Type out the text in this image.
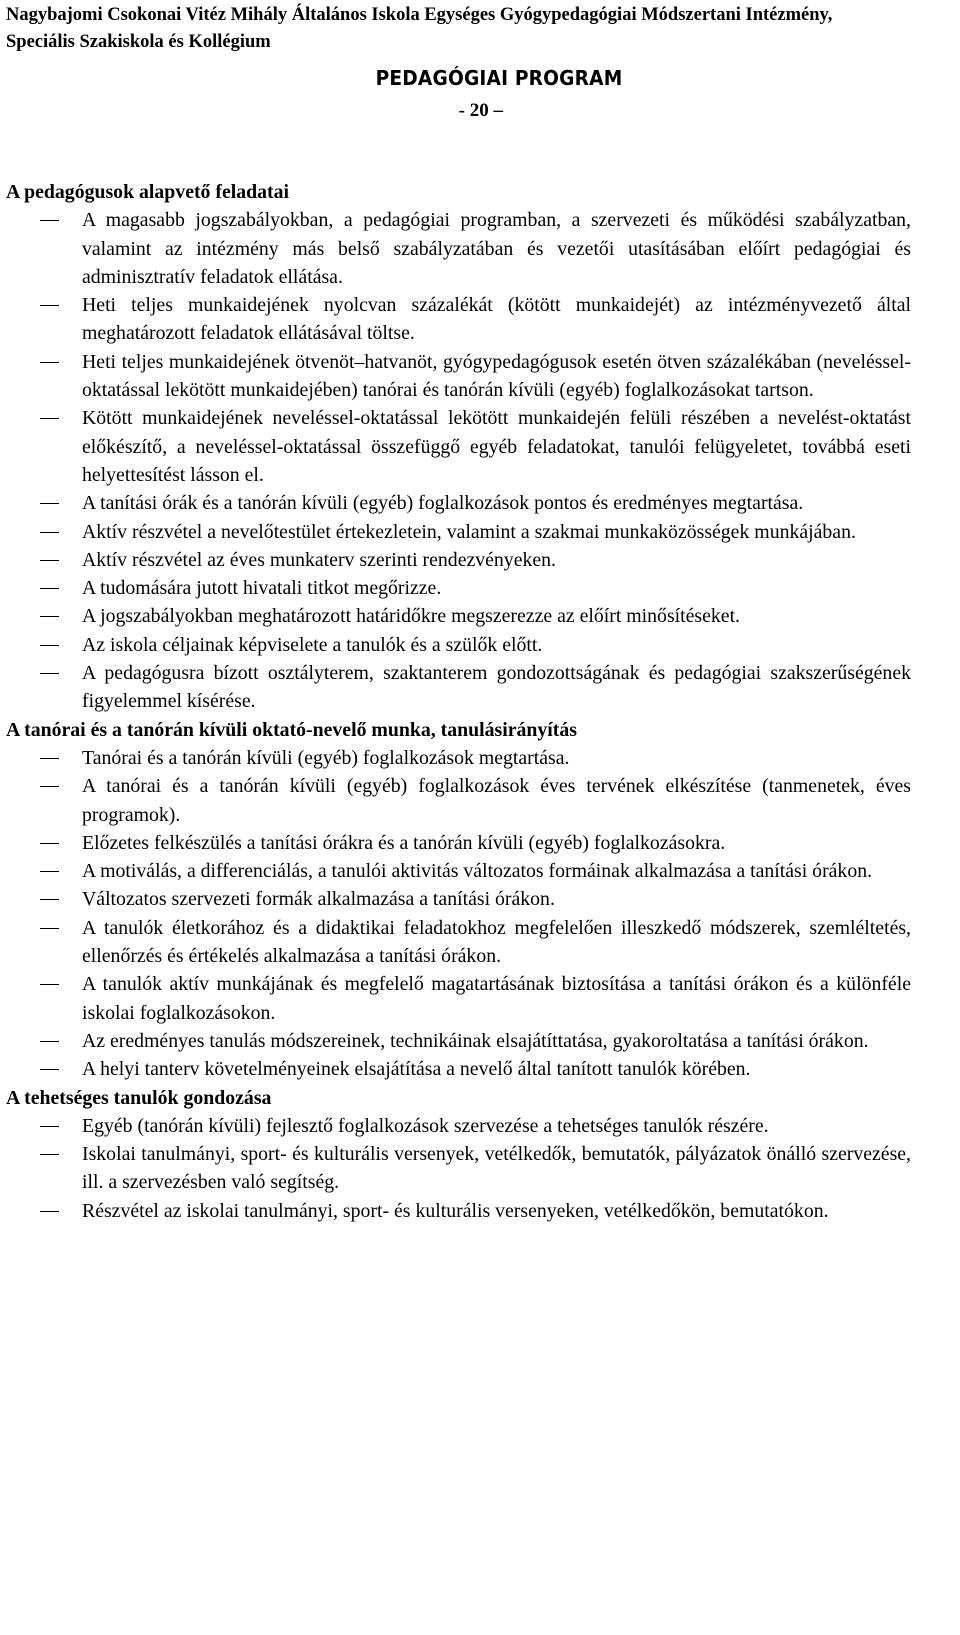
Nagybajomi Csokonai Vitéz Mihály Általános Iskola Egységes Gyógypedagógiai Módszertani Intézmény,
Speciális Szakiskola és Kollégium
PEDAGÓGIAI PROGRAM
- 20 –
A pedagógusok alapvető feladatai
A magasabb jogszabályokban, a pedagógiai programban, a szervezeti és működési szabályzatban, valamint az intézmény más belső szabályzatában és vezetői utasításában előírt pedagógiai és adminisztratív feladatok ellátása.
Heti teljes munkaidejének nyolcvan százalékát (kötött munkaidejét) az intézményvezető által meghatározott feladatok ellátásával töltse.
Heti teljes munkaidejének ötvenöt–hatvanöt, gyógypedagógusok esetén ötven százalékában (neveléssel-oktatással lekötött munkaidejében) tanórai és tanórán kívüli (egyéb) foglalkozásokat tartson.
Kötött munkaidejének neveléssel-oktatással lekötött munkaidején felüli részében a nevelést-oktatást előkészítő, a neveléssel-oktatással összefüggő egyéb feladatokat, tanulói felügyeletet, továbbá eseti helyettesítést lásson el.
A tanítási órák és a tanórán kívüli (egyéb) foglalkozások pontos és eredményes megtartása.
Aktív részvétel a nevelőtestület értekezletein, valamint a szakmai munkaközösségek munkájában.
Aktív részvétel az éves munkaterv szerinti rendezvényeken.
A tudomására jutott hivatali titkot megőrizze.
A jogszabályokban meghatározott határidőkre megszerezze az előírt minősítéseket.
Az iskola céljainak képviselete a tanulók és a szülők előtt.
A pedagógusra bízott osztályterem, szaktanterem gondozottságának és pedagógiai szakszerűségének figyelemmel kísérése.
A tanórai és a tanórán kívüli oktató-nevelő munka, tanulásirányítás
Tanórai és a tanórán kívüli (egyéb) foglalkozások megtartása.
A tanórai és a tanórán kívüli (egyéb) foglalkozások éves tervének elkészítése (tanmenetek, éves programok).
Előzetes felkészülés a tanítási órákra és a tanórán kívüli (egyéb) foglalkozásokra.
A motiválás, a differenciálás, a tanulói aktivitás változatos formáinak alkalmazása a tanítási órákon.
Változatos szervezeti formák alkalmazása a tanítási órákon.
A tanulók életkorához és a didaktikai feladatokhoz megfelelően illeszkedő módszerek, szemléltetés, ellenőrzés és értékelés alkalmazása a tanítási órákon.
A tanulók aktív munkájának és megfelelő magatartásának biztosítása a tanítási órákon és a különféle iskolai foglalkozásokon.
Az eredményes tanulás módszereinek, technikáinak elsajátíttatása, gyakoroltatása a tanítási órákon.
A helyi tanterv követelményeinek elsajátítása a nevelő által tanított tanulók körében.
A tehetséges tanulók gondozása
Egyéb (tanórán kívüli) fejlesztő foglalkozások szervezése a tehetséges tanulók részére.
Iskolai tanulmányi, sport- és kulturális versenyek, vetélkedők, bemutatók, pályázatok önálló szervezése, ill. a szervezésben való segítség.
Részvétel az iskolai tanulmányi, sport- és kulturális versenyeken, vetélkedőkön, bemutatókon.
